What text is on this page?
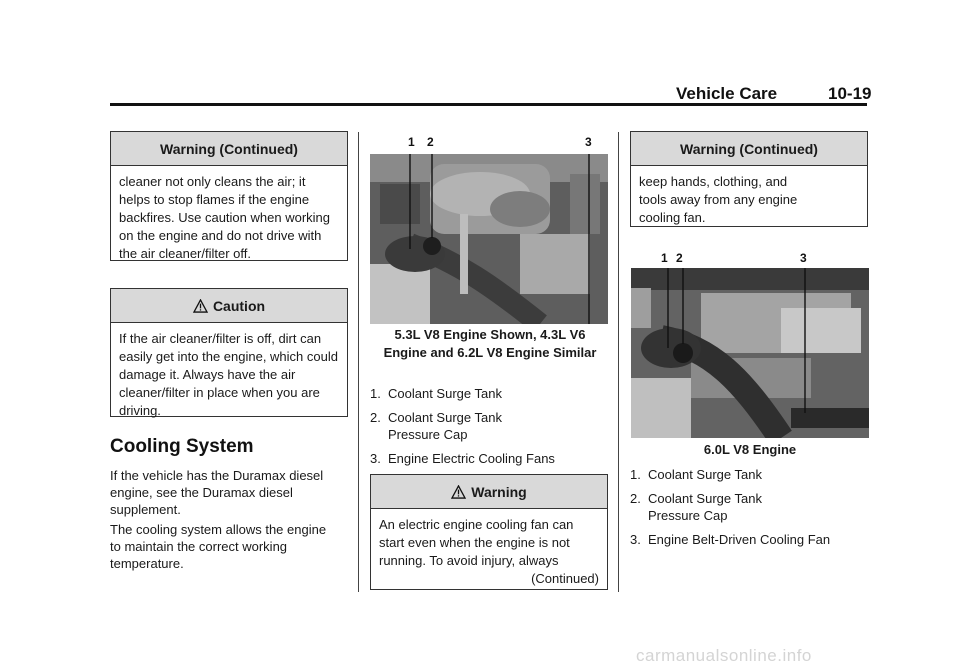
Vehicle Care	10-19
Warning (Continued)
cleaner not only cleans the air; it helps to stop flames if the engine backfires. Use caution when working on the engine and do not drive with the air cleaner/filter off.
Caution
If the air cleaner/filter is off, dirt can easily get into the engine, which could damage it. Always have the air cleaner/filter in place when you are driving.
Cooling System
If the vehicle has the Duramax diesel engine, see the Duramax diesel supplement.
The cooling system allows the engine to maintain the correct working temperature.
1 2	3
5.3L V8 Engine Shown, 4.3L V6 Engine and 6.2L V8 Engine Similar
1. Coolant Surge Tank
2. Coolant Surge Tank Pressure Cap
3. Engine Electric Cooling Fans
Warning
An electric engine cooling fan can start even when the engine is not running. To avoid injury, always
(Continued)
Warning (Continued)
keep hands, clothing, and tools away from any engine cooling fan.
1 2	3
6.0L V8 Engine
1. Coolant Surge Tank
2. Coolant Surge Tank Pressure Cap
3. Engine Belt-Driven Cooling Fan
carmanualsonline.info
